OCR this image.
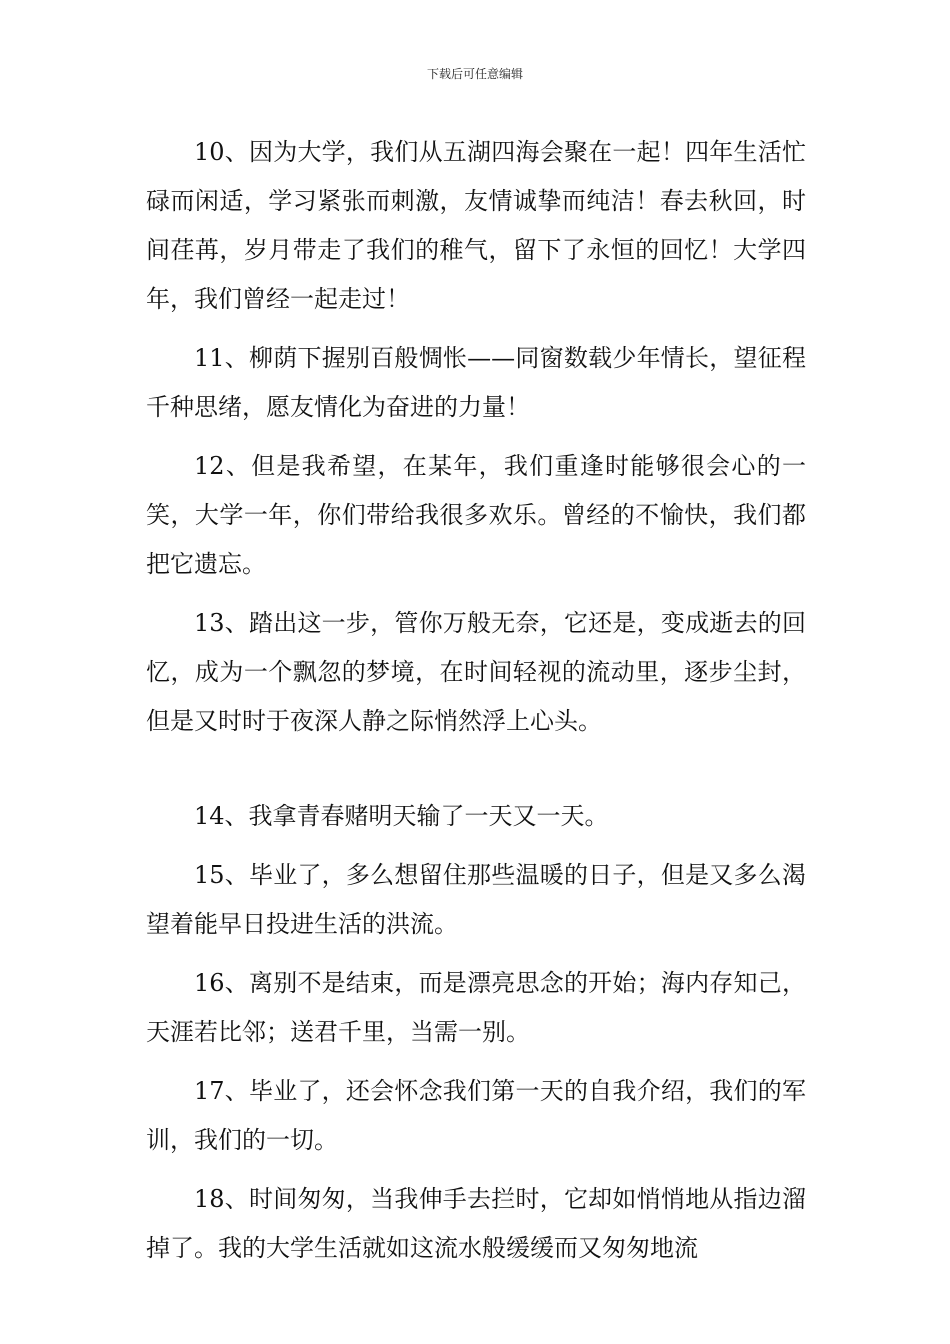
下载后可任意编辑

10、因为大学，我们从五湖四海会聚在一起！四年生活忙碌而闲适，学习紧张而刺激，友情诚挚而纯洁！春去秋回，时间荏苒，岁月带走了我们的稚气，留下了永恒的回忆！大学四年，我们曾经一起走过！

11、柳荫下握别百般惆怅——同窗数载少年情长，望征程千种思绪，愿友情化为奋进的力量！

12、但是我希望，在某年，我们重逢时能够很会心的一笑，大学一年，你们带给我很多欢乐。曾经的不愉快，我们都把它遗忘。

13、踏出这一步，管你万般无奈，它还是，变成逝去的回忆，成为一个飘忽的梦境，在时间轻视的流动里，逐步尘封，但是又时时于夜深人静之际悄然浮上心头。

14、我拿青春赌明天输了一天又一天。

15、毕业了，多么想留住那些温暖的日子，但是又多么渴望着能早日投进生活的洪流。

16、离别不是结束，而是漂亮思念的开始；海内存知己，天涯若比邻；送君千里，当需一别。

17、毕业了，还会怀念我们第一天的自我介绍，我们的军训，我们的一切。

18、时间匆匆，当我伸手去拦时，它却如悄悄地从指边溜掉了。我的大学生活就如这流水般缓缓而又匆匆地流
